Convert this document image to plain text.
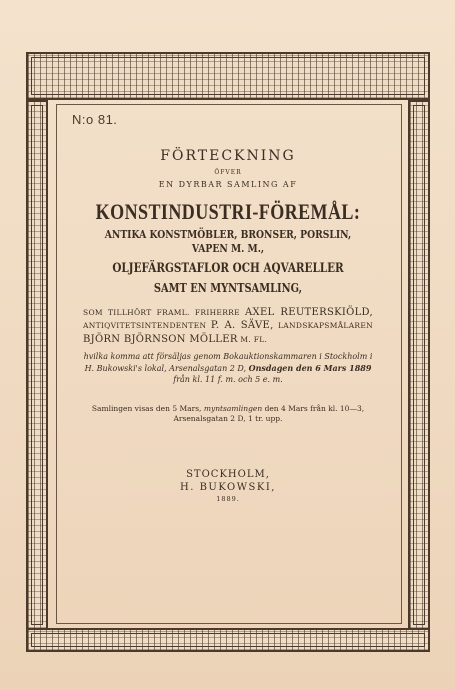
N:o 81.
FÖRTECKNING
ÖFVER
EN DYRBAR SAMLING AF
KONSTINDUSTRI-FÖREMÅL:
ANTIKA KONSTMÖBLER, BRONSER, PORSLIN, VAPEN M. M.,
OLJEFÄRGSTAFLOR OCH AQVARELLER
SAMT EN MYNTSAMLING,
SOM TILLHÖRT FRAML. FRIHERRE AXEL REUTERSKIÖLD, ANTIQVITETSINTENDENTEN P. A. SÄVE, LANDSKAPSMÅLAREN BJÖRN BJÖRNSON MÖLLER M. FL.
hvilka komma att försäljas genom Bokauktionskammaren i Stockholm i H. Bukowski's lokal, Arsenalsgatan 2 D, Onsdagen den 6 Mars 1889 från kl. 11 f. m. och 5 e. m.
Samlingen visas den 5 Mars, myntsamlingen den 4 Mars från kl. 10—3, Arsenalsgatan 2 D, 1 tr. upp.
STOCKHOLM,
H. BUKOWSKI,
1889.
